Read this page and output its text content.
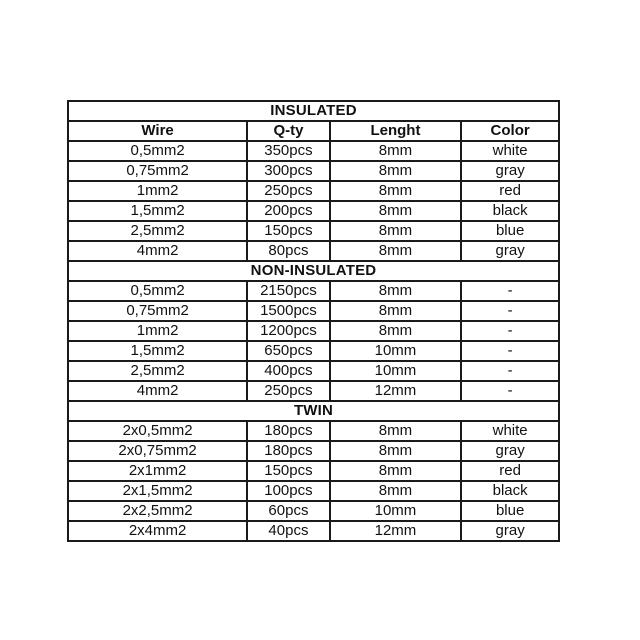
INSULATED			
Wire	Q-ty	Lenght	Color
0,5mm2	350pcs	8mm	white
0,75mm2	300pcs	8mm	gray
1mm2	250pcs	8mm	red
1,5mm2	200pcs	8mm	black
2,5mm2	150pcs	8mm	blue
4mm2	80pcs	8mm	gray
NON-INSULATED			
0,5mm2	2150pcs	8mm	-
0,75mm2	1500pcs	8mm	-
1mm2	1200pcs	8mm	-
1,5mm2	650pcs	10mm	-
2,5mm2	400pcs	10mm	-
4mm2	250pcs	12mm	-
TWIN			
2x0,5mm2	180pcs	8mm	white
2x0,75mm2	180pcs	8mm	gray
2x1mm2	150pcs	8mm	red
2x1,5mm2	100pcs	8mm	black
2x2,5mm2	60pcs	10mm	blue
2x4mm2	40pcs	12mm	gray
